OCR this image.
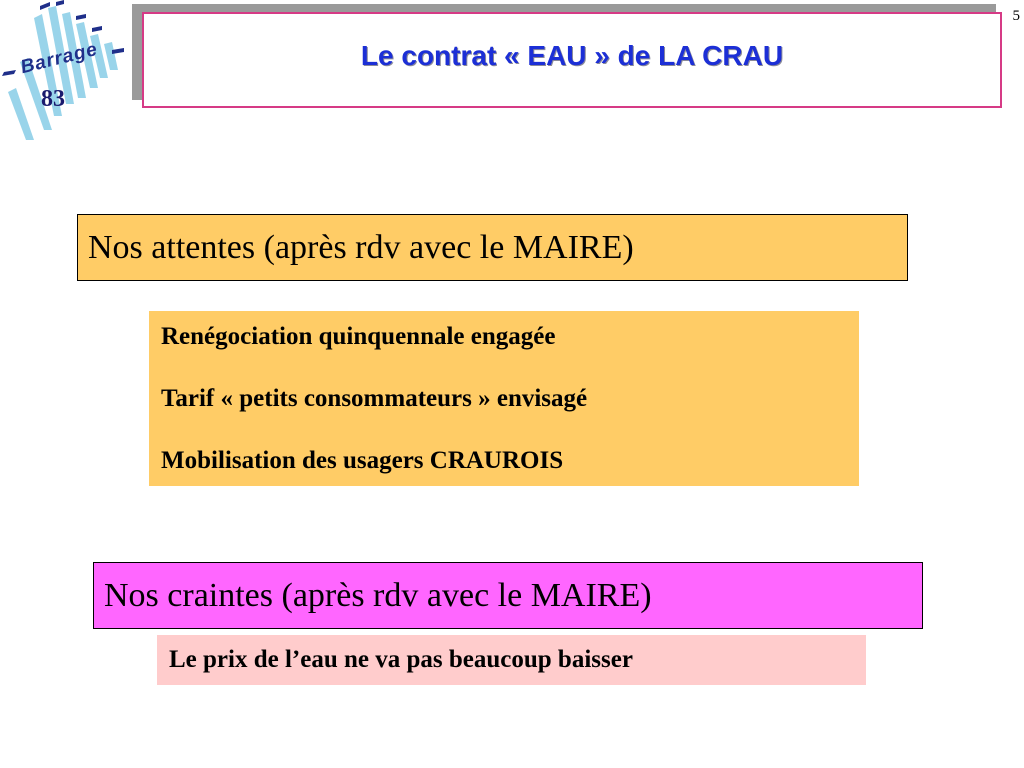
Barrage
83
Le contrat « EAU » de LA CRAU
5
Nos attentes (après rdv avec le MAIRE)
Renégociation quinquennale engagée
Tarif « petits consommateurs » envisagé
Mobilisation des usagers CRAUROIS
Nos craintes (après rdv avec le MAIRE)
Le prix de l’eau ne va pas beaucoup baisser
